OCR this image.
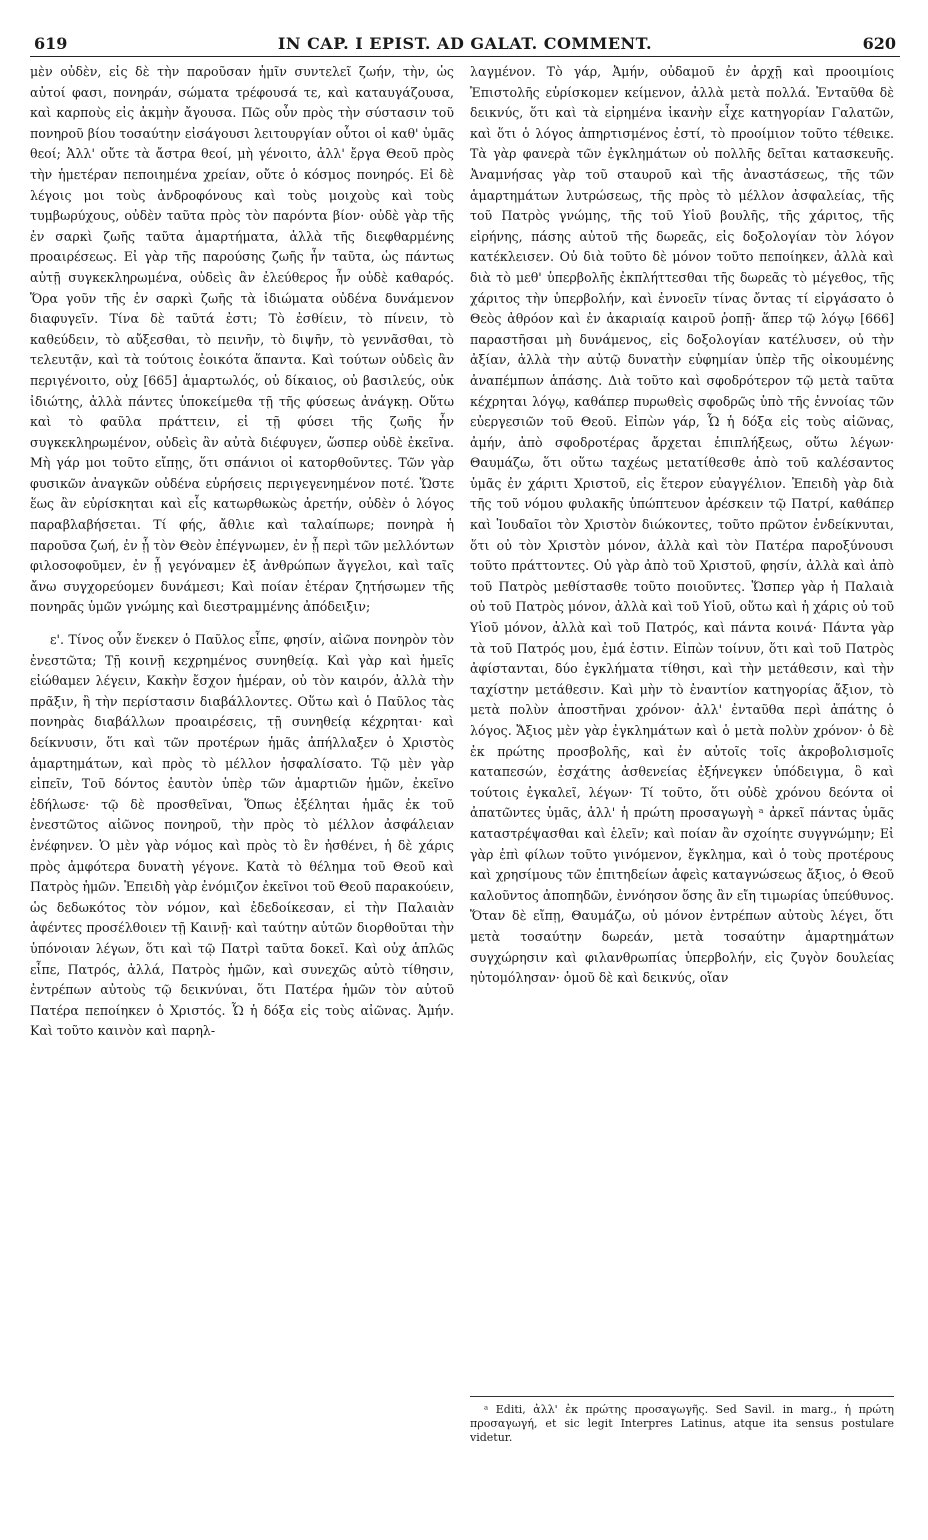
619	IN CAP. I EPIST. AD GALAT. COMMENT.	620

μὲν οὐδὲν, εἰς δὲ τὴν παροῦσαν ἡμῖν συντελεῖ ζωήν, τὴν, ὡς αὐτοί φασι, πονηράν, σώματα τρέφουσά τε, καὶ καταυγάζουσα, καὶ καρποὺς εἰς ἀκμὴν ἄγουσα. Πῶς οὖν πρὸς τὴν σύστασιν τοῦ πονηροῦ βίου τοσαύτην εἰσάγουσι λειτουργίαν οὗτοι οἱ καθ' ὑμᾶς θεοί; Ἀλλ' οὔτε τὰ ἄστρα θεοί, μὴ γένοιτο, ἀλλ' ἔργα Θεοῦ πρὸς τὴν ἡμετέραν πεποιημένα χρείαν, οὔτε ὁ κόσμος πονηρός. Εἰ δὲ λέγοις μοι τοὺς ἀνδροφόνους καὶ τοὺς μοιχοὺς καὶ τοὺς τυμβωρύχους, οὐδὲν ταῦτα πρὸς τὸν παρόντα βίον· οὐδὲ γὰρ τῆς ἐν σαρκὶ ζωῆς ταῦτα ἁμαρτήματα, ἀλλὰ τῆς διεφθαρμένης προαιρέσεως. Εἰ γὰρ τῆς παρούσης ζωῆς ἦν ταῦτα, ὡς πάντως αὐτῇ συγκεκληρωμένα, οὐδεὶς ἂν ἐλεύθερος ἦν οὐδὲ καθαρός. Ὅρα γοῦν τῆς ἐν σαρκὶ ζωῆς τὰ ἰδιώματα οὐδένα δυνάμενον διαφυγεῖν. Τίνα δὲ ταῦτά ἐστι; Τὸ ἐσθίειν, τὸ πίνειν, τὸ καθεύδειν, τὸ αὔξεσθαι, τὸ πεινῆν, τὸ διψῆν, τὸ γεννᾶσθαι, τὸ τελευτᾷν, καὶ τὰ τούτοις ἐοικότα ἅπαντα. Καὶ τούτων οὐδεὶς ἂν περιγένοιτο, οὐχ [665] ἁμαρτωλός, οὐ δίκαιος, οὐ βασιλεύς, οὐκ ἰδιώτης, ἀλλὰ πάντες ὑποκείμεθα τῇ τῆς φύσεως ἀνάγκῃ. Οὕτω καὶ τὸ φαῦλα πράττειν, εἰ τῇ φύσει τῆς ζωῆς ἦν συγκεκληρωμένον, οὐδεὶς ἂν αὐτὰ διέφυγεν, ὥσπερ οὐδὲ ἐκεῖνα. Μὴ γάρ μοι τοῦτο εἴπῃς, ὅτι σπάνιοι οἱ κατορθοῦντες. Τῶν γὰρ φυσικῶν ἀναγκῶν οὐδένα εὑρήσεις περιγεγενημένον ποτέ. Ὥστε ἕως ἂν εὑρίσκηται καὶ εἷς κατωρθωκὼς ἀρετήν, οὐδὲν ὁ λόγος παραβλαβήσεται. Τί φής, ἄθλιε καὶ ταλαίπωρε; πονηρὰ ἡ παροῦσα ζωή, ἐν ᾗ τὸν Θεὸν ἐπέγνωμεν, ἐν ᾗ περὶ τῶν μελλόντων φιλοσοφοῦμεν, ἐν ᾗ γεγόναμεν ἐξ ἀνθρώπων ἄγγελοι, καὶ ταῖς ἄνω συγχορεύομεν δυνάμεσι; Καὶ ποίαν ἑτέραν ζητήσωμεν τῆς πονηρᾶς ὑμῶν γνώμης καὶ διεστραμμένης ἀπόδειξιν;

ε'. Τίνος οὖν ἕνεκεν ὁ Παῦλος εἶπε, φησίν, αἰῶνα πονηρὸν τὸν ἐνεστῶτα; Τῇ κοινῇ κεχρημένος συνηθείᾳ. Καὶ γὰρ καὶ ἡμεῖς εἰώθαμεν λέγειν, Κακὴν ἔσχον ἡμέραν, οὐ τὸν καιρόν, ἀλλὰ τὴν πρᾶξιν, ἢ τὴν περίστασιν διαβάλλοντες. Οὕτω καὶ ὁ Παῦλος τὰς πονηρὰς διαβάλλων προαιρέσεις, τῇ συνηθείᾳ κέχρηται· καὶ δείκνυσιν, ὅτι καὶ τῶν προτέρων ἡμᾶς ἀπήλλαξεν ὁ Χριστὸς ἁμαρτημάτων, καὶ πρὸς τὸ μέλλον ἠσφαλίσατο. Τῷ μὲν γὰρ εἰπεῖν, Τοῦ δόντος ἑαυτὸν ὑπὲρ τῶν ἁμαρτιῶν ἡμῶν, ἐκεῖνο ἐδήλωσε· τῷ δὲ προσθεῖναι, Ὅπως ἐξέληται ἡμᾶς ἐκ τοῦ ἐνεστῶτος αἰῶνος πονηροῦ, τὴν πρὸς τὸ μέλλον ἀσφάλειαν ἐνέφηνεν. Ὁ μὲν γὰρ νόμος καὶ πρὸς τὸ ἓν ἠσθένει, ἡ δὲ χάρις πρὸς ἀμφότερα δυνατὴ γέγονε. Κατὰ τὸ θέλημα τοῦ Θεοῦ καὶ Πατρὸς ἡμῶν. Ἐπειδὴ γὰρ ἐνόμιζον ἐκεῖνοι τοῦ Θεοῦ παρακούειν, ὡς δεδωκότος τὸν νόμον, καὶ ἐδεδοίκεσαν, εἰ τὴν Παλαιὰν ἀφέντες προσέλθοιεν τῇ Καινῇ· καὶ ταύτην αὐτῶν διορθοῦται τὴν ὑπόνοιαν λέγων, ὅτι καὶ τῷ Πατρὶ ταῦτα δοκεῖ. Καὶ οὐχ ἁπλῶς εἶπε, Πατρός, ἀλλά, Πατρὸς ἡμῶν, καὶ συνεχῶς αὐτὸ τίθησιν, ἐντρέπων αὐτοὺς τῷ δεικνύναι, ὅτι Πατέρα ἡμῶν τὸν αὐτοῦ Πατέρα πεποίηκεν ὁ Χριστός. Ὧ ἡ δόξα εἰς τοὺς αἰῶνας. Ἀμήν. Καὶ τοῦτο καινὸν καὶ παρηλ-

λαγμένον. Τὸ γάρ, Ἀμήν, οὐδαμοῦ ἐν ἀρχῇ καὶ προοιμίοις Ἐπιστολῆς εὑρίσκομεν κείμενον, ἀλλὰ μετὰ πολλά. Ἐνταῦθα δὲ δεικνύς, ὅτι καὶ τὰ εἰρημένα ἱκανὴν εἶχε κατηγορίαν Γαλατῶν, καὶ ὅτι ὁ λόγος ἀπηρτισμένος ἐστί, τὸ προοίμιον τοῦτο τέθεικε. Τὰ γὰρ φανερὰ τῶν ἐγκλημάτων οὐ πολλῆς δεῖται κατασκευῆς. Ἀναμνήσας γὰρ τοῦ σταυροῦ καὶ τῆς ἀναστάσεως, τῆς τῶν ἁμαρτημάτων λυτρώσεως, τῆς πρὸς τὸ μέλλον ἀσφαλείας, τῆς τοῦ Πατρὸς γνώμης, τῆς τοῦ Υἱοῦ βουλῆς, τῆς χάριτος, τῆς εἰρήνης, πάσης αὐτοῦ τῆς δωρεᾶς, εἰς δοξολογίαν τὸν λόγον κατέκλεισεν. Οὐ διὰ τοῦτο δὲ μόνον τοῦτο πεποίηκεν, ἀλλὰ καὶ διὰ τὸ μεθ' ὑπερβολῆς ἐκπλήττεσθαι τῆς δωρεᾶς τὸ μέγεθος, τῆς χάριτος τὴν ὑπερβολήν, καὶ ἐννοεῖν τίνας ὄντας τί εἰργάσατο ὁ Θεὸς ἀθρόον καὶ ἐν ἀκαριαίᾳ καιροῦ ῥοπῇ· ἅπερ τῷ λόγῳ [666] παραστῆσαι μὴ δυνάμενος, εἰς δοξολογίαν κατέλυσεν, οὐ τὴν ἀξίαν, ἀλλὰ τὴν αὐτῷ δυνατὴν εὐφημίαν ὑπὲρ τῆς οἰκουμένης ἀναπέμπων ἁπάσης. Διὰ τοῦτο καὶ σφοδρότερον τῷ μετὰ ταῦτα κέχρηται λόγῳ, καθάπερ πυρωθεὶς σφοδρῶς ὑπὸ τῆς ἐννοίας τῶν εὐεργεσιῶν τοῦ Θεοῦ. Εἰπὼν γάρ, Ὧ ἡ δόξα εἰς τοὺς αἰῶνας, ἀμήν, ἀπὸ σφοδροτέρας ἄρχεται ἐπιπλήξεως, οὕτω λέγων· Θαυμάζω, ὅτι οὕτω ταχέως μετατίθεσθε ἀπὸ τοῦ καλέσαντος ὑμᾶς ἐν χάριτι Χριστοῦ, εἰς ἕτερον εὐαγγέλιον. Ἐπειδὴ γὰρ διὰ τῆς τοῦ νόμου φυλακῆς ὑπώπτευον ἀρέσκειν τῷ Πατρί, καθάπερ καὶ Ἰουδαῖοι τὸν Χριστὸν διώκοντες, τοῦτο πρῶτον ἐνδείκνυται, ὅτι οὐ τὸν Χριστὸν μόνον, ἀλλὰ καὶ τὸν Πατέρα παροξύνουσι τοῦτο πράττοντες. Οὐ γὰρ ἀπὸ τοῦ Χριστοῦ, φησίν, ἀλλὰ καὶ ἀπὸ τοῦ Πατρὸς μεθίστασθε τοῦτο ποιοῦντες. Ὥσπερ γὰρ ἡ Παλαιὰ οὐ τοῦ Πατρὸς μόνον, ἀλλὰ καὶ τοῦ Υἱοῦ, οὕτω καὶ ἡ χάρις οὐ τοῦ Υἱοῦ μόνον, ἀλλὰ καὶ τοῦ Πατρός, καὶ πάντα κοινά· Πάντα γὰρ τὰ τοῦ Πατρός μου, ἐμά ἐστιν. Εἰπὼν τοίνυν, ὅτι καὶ τοῦ Πατρὸς ἀφίστανται, δύο ἐγκλήματα τίθησι, καὶ τὴν μετάθεσιν, καὶ τὴν ταχίστην μετάθεσιν. Καὶ μὴν τὸ ἐναντίον κατηγορίας ἄξιον, τὸ μετὰ πολὺν ἀποστῆναι χρόνον· ἀλλ' ἐνταῦθα περὶ ἀπάτης ὁ λόγος. Ἄξιος μὲν γὰρ ἐγκλημάτων καὶ ὁ μετὰ πολὺν χρόνον· ὁ δὲ ἐκ πρώτης προσβολῆς, καὶ ἐν αὐτοῖς τοῖς ἀκροβολισμοῖς καταπεσών, ἐσχάτης ἀσθενείας ἐξήνεγκεν ὑπόδειγμα, ὃ καὶ τούτοις ἐγκαλεῖ, λέγων· Τί τοῦτο, ὅτι οὐδὲ χρόνου δεόντα οἱ ἀπατῶντες ὑμᾶς, ἀλλ' ἡ πρώτη προσαγωγὴ ᵃ ἀρκεῖ πάντας ὑμᾶς καταστρέψασθαι καὶ ἑλεῖν; καὶ ποίαν ἂν σχοίητε συγγνώμην; Εἰ γὰρ ἐπὶ φίλων τοῦτο γινόμενον, ἔγκλημα, καὶ ὁ τοὺς προτέρους καὶ χρησίμους τῶν ἐπιτηδείων ἀφεὶς καταγνώσεως ἄξιος, ὁ Θεοῦ καλοῦντος ἀποπηδῶν, ἐννόησον ὅσης ἂν εἴη τιμωρίας ὑπεύθυνος. Ὅταν δὲ εἴπῃ, Θαυμάζω, οὐ μόνον ἐντρέπων αὐτοὺς λέγει, ὅτι μετὰ τοσαύτην δωρεάν, μετὰ τοσαύτην ἁμαρτημάτων συγχώρησιν καὶ φιλανθρωπίας ὑπερβολήν, εἰς ζυγὸν δουλείας ηὐτομόλησαν· ὁμοῦ δὲ καὶ δεικνύς, οἵαν

ᵃ Editi, ἀλλ' ἐκ πρώτης προσαγωγῆς. Sed Savil. in marg., ἡ πρώτη προσαγωγή, et sic legit Interpres Latinus, atque ita sensus postulare videtur.
